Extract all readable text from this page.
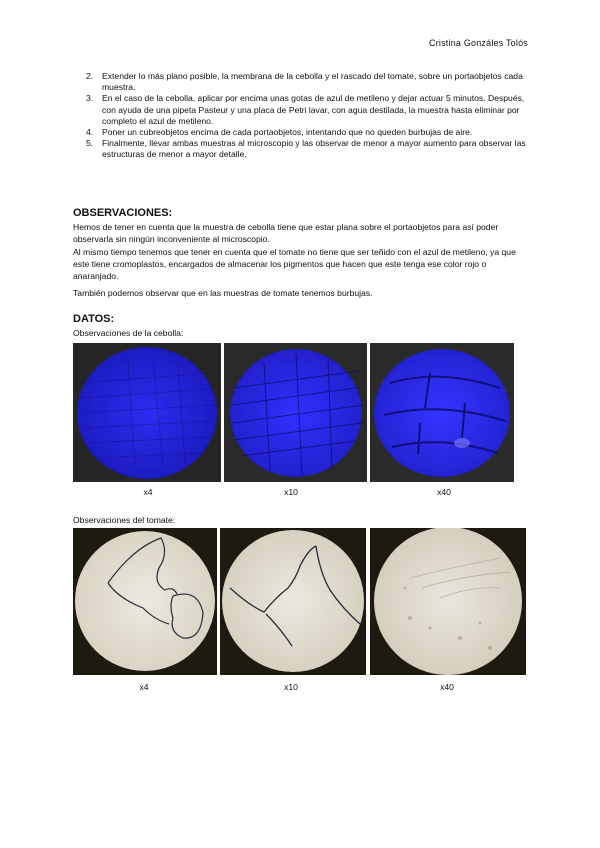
Cristina Gonzáles Tolós
2. Extender lo más plano posible, la membrana de la cebolla y el rascado del tomate, sobre un portaobjetos cada muestra.
3. En el caso de la cebolla, aplicar por encima unas gotas de azul de metileno y dejar actuar 5 minutos. Después, con ayuda de una pipeta Pasteur y una placa de Petri lavar, con agua destilada, la muestra hasta eliminar por completo el azul de metileno.
4. Poner un cubreobjetos encima de cada portaobjetos, intentando que no queden burbujas de aire.
5. Finalmente, llevar ambas muestras al microscopio y las observar de menor a mayor aumento para observar las estructuras de menor a mayor detalle.
OBSERVACIONES:
Hemos de tener en cuenta que la muestra de cebolla tiene que estar plana sobre el portaobjetos para así poder observarla sin ningún inconveniente al microscopio.
Al mismo tiempo tenemos que tener en cuenta que el tomate no tiene que ser teñido con el azul de metileno, ya que este tiene cromoplastos, encargados de almacenar los pigmentos que hacen que este tenga ese color rojo o anaranjado.
También podemos observar que en las muestras de tomate tenemos burbujas.
DATOS:
Observaciones de la cebolla:
x4	x10	x40
Observaciones del tomate:
x4	x10	x40
